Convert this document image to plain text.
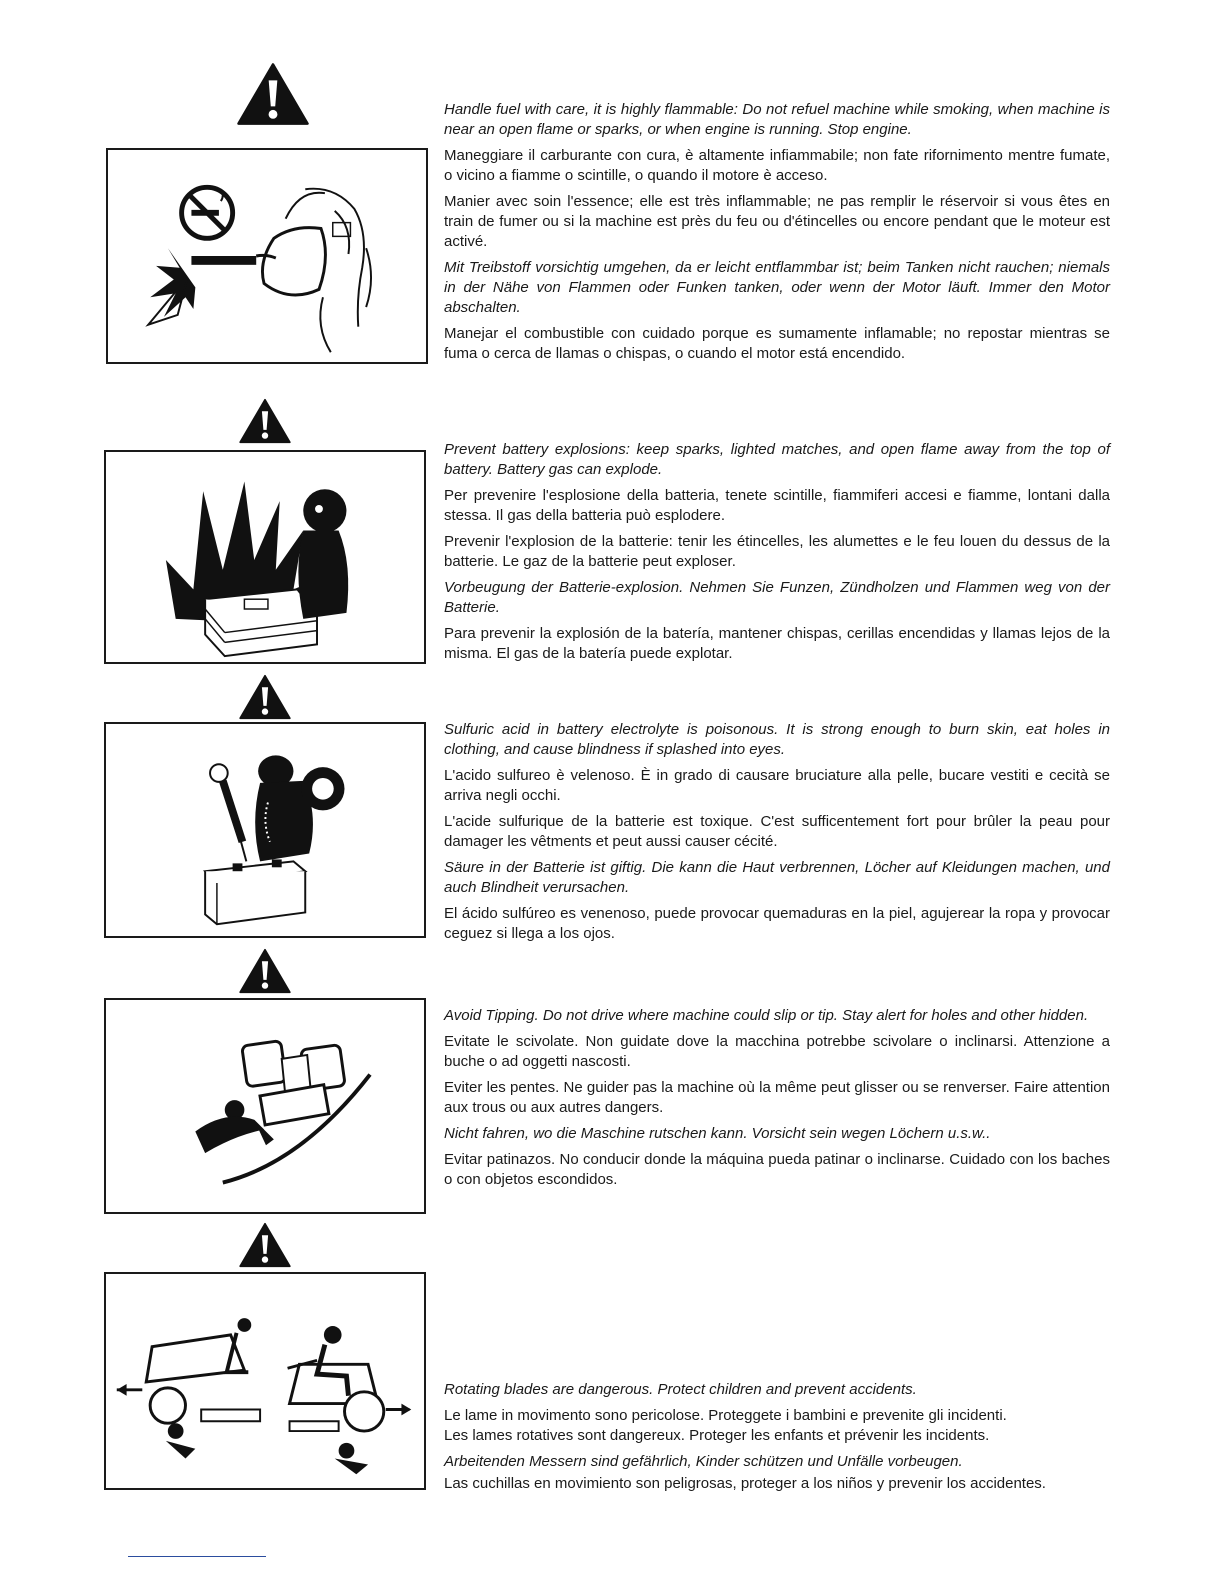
Handle fuel with care, it is highly flammable: Do not refuel machine while smoking, when machine is near an open flame or sparks, or when engine is running. Stop engine.

Maneggiare il carburante con cura, è altamente infiammabile; non fate rifornimento mentre fumate, o vicino a fiamme o scintille, o quando il motore è acceso.

Manier avec soin l'essence; elle est très inflammable; ne pas remplir le réservoir si vous êtes en train de fumer ou si la machine est près du feu ou d'étincelles ou encore pendant que le moteur est activé.

Mit Treibstoff vorsichtig umgehen, da er leicht entflammbar ist; beim Tanken nicht rauchen; niemals in der Nähe von Flammen oder Funken tanken, oder wenn der Motor läuft. Immer den Motor abschalten.

Manejar el combustible con cuidado porque es sumamente inflamable; no repostar mientras se fuma o cerca de llamas o chispas, o cuando el motor está encendido.

Prevent battery explosions: keep sparks, lighted matches, and open flame away from the top of battery. Battery gas can explode.

Per prevenire l'esplosione della batteria, tenete scintille, fiammiferi accesi e fiamme, lontani dalla stessa. Il gas della batteria può esplodere.

Prevenir l'explosion de la batterie: tenir les étincelles, les alumettes e le feu louen du dessus de la batterie. Le gaz de la batterie peut exploser.

Vorbeugung der Batterie-explosion. Nehmen Sie Funzen, Zündholzen und Flammen weg von der Batterie.

Para prevenir la explosión de la batería, mantener chispas, cerillas encendidas y llamas lejos de la misma. El gas de la batería puede explotar.

Sulfuric acid in battery electrolyte is poisonous. It is strong enough to burn skin, eat holes in clothing, and cause blindness if splashed into eyes.

L'acido sulfureo è velenoso. È in grado di causare bruciature alla pelle, bucare vestiti e cecità se arriva negli occhi.

L'acide sulfurique de la batterie est toxique. C'est sufficentement fort pour brûler la peau pour damager les vêtments et peut aussi causer cécité.

Säure in der Batterie ist giftig. Die kann die Haut verbrennen, Löcher auf Kleidungen machen, und auch Blindheit verursachen.

El ácido sulfúreo es venenoso, puede provocar quemaduras en la piel, agujerear la ropa y provocar ceguez si llega a los ojos.

Avoid Tipping. Do not drive where machine could slip or tip. Stay alert for holes and other hidden.

Evitate le scivolate. Non guidate dove la macchina potrebbe scivolare o inclinarsi. Attenzione a buche o ad oggetti nascosti.

Eviter les pentes. Ne guider pas la machine où la même peut glisser ou se renverser. Faire attention aux trous ou aux autres dangers.

Nicht fahren, wo die Maschine rutschen kann. Vorsicht sein wegen Löchern u.s.w..

Evitar patinazos. No conducir donde la máquina pueda patinar o inclinarse. Cuidado con los baches o con objetos escondidos.

Rotating blades are dangerous. Protect children and prevent accidents.

Le lame in movimento sono pericolose. Proteggete i bambini e prevenite gli incidenti.

Les lames rotatives sont dangereux. Proteger les enfants et prévenir les incidents.

Arbeitenden Messern sind gefährlich, Kinder schützen und Unfälle vorbeugen.

Las cuchillas en movimiento son peligrosas, proteger a los niños y prevenir los accidentes.
